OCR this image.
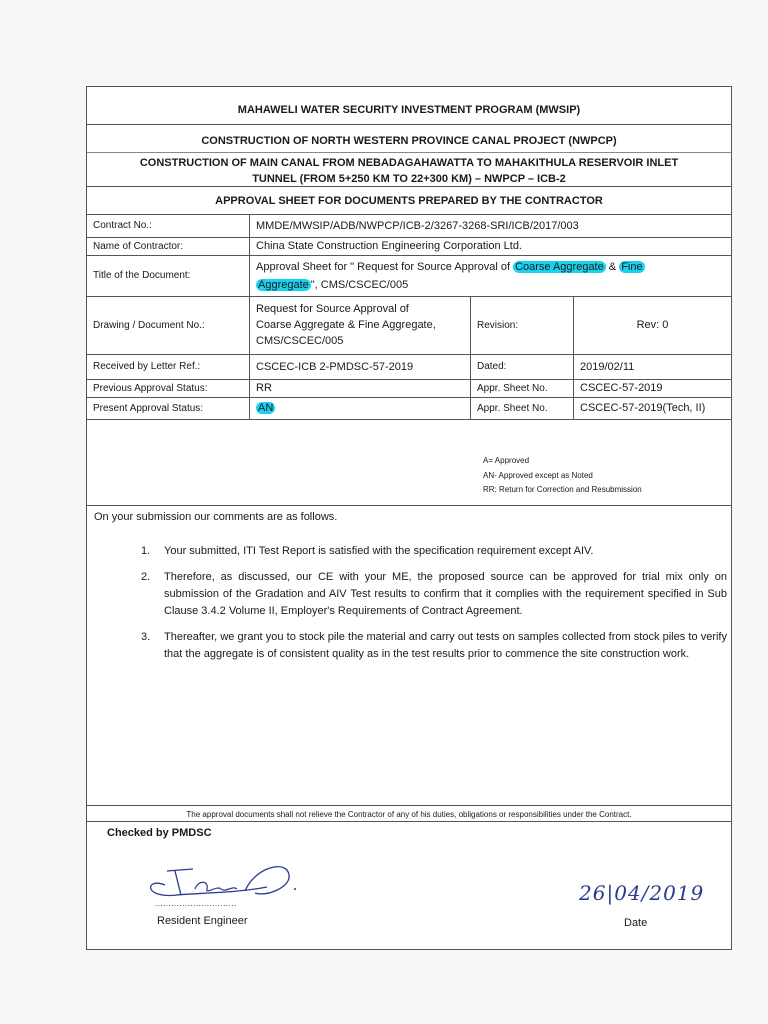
MAHAWELI WATER SECURITY INVESTMENT PROGRAM (MWSIP)
CONSTRUCTION OF NORTH WESTERN PROVINCE CANAL PROJECT (NWPCP)
CONSTRUCTION OF MAIN CANAL FROM NEBADAGAHAWATTA TO MAHAKITHULA RESERVOIR INLET
TUNNEL (FROM 5+250 KM TO 22+300 KM) – NWPCP – ICB-2
APPROVAL SHEET FOR DOCUMENTS PREPARED BY THE CONTRACTOR
Contract No.:	MMDE/MWSIP/ADB/NWPCP/ICB-2/3267-3268-SRI/ICB/2017/003		
Name of Contractor:	China State Construction Engineering Corporation Ltd.		
Title of the Document:	Approval Sheet for " Request for Source Approval of Coarse Aggregate & Fine
Aggregate ", CMS/CSCEC/005		
Drawing / Document No.:	Request for Source Approval of
Coarse Aggregate & Fine Aggregate,
CMS/CSCEC/005	Revision:	Rev: 0
Received by Letter Ref.:	CSCEC-ICB 2-PMDSC-57-2019	Dated:	2019/02/11
Previous Approval Status:	RR	Appr. Sheet No.	CSCEC-57-2019
Present Approval Status:	AN	Appr. Sheet No.	CSCEC-57-2019(Tech, II)
A= Approved
AN- Approved except as Noted
RR: Return for Correction and Resubmission
On your submission our comments are as follows.
1. Your submitted, ITI Test Report is satisfied with the specification requirement except AIV.
2. Therefore, as discussed, our CE with your ME, the proposed source can be approved for trial mix only on submission of the Gradation and AIV Test results to confirm that it complies with the requirement specified in Sub Clause 3.4.2 Volume II, Employer's Requirements of Contract Agreement.
3. Thereafter, we grant you to stock pile the material and carry out tests on samples collected from stock piles to verify that the aggregate is of consistent quality as in the test results prior to commence the site construction work.
The approval documents shall not relieve the Contractor of any of his duties, obligations or responsibilities under the Contract.
Checked by PMDSC
..............................
Resident Engineer
26|04/2019
Date
